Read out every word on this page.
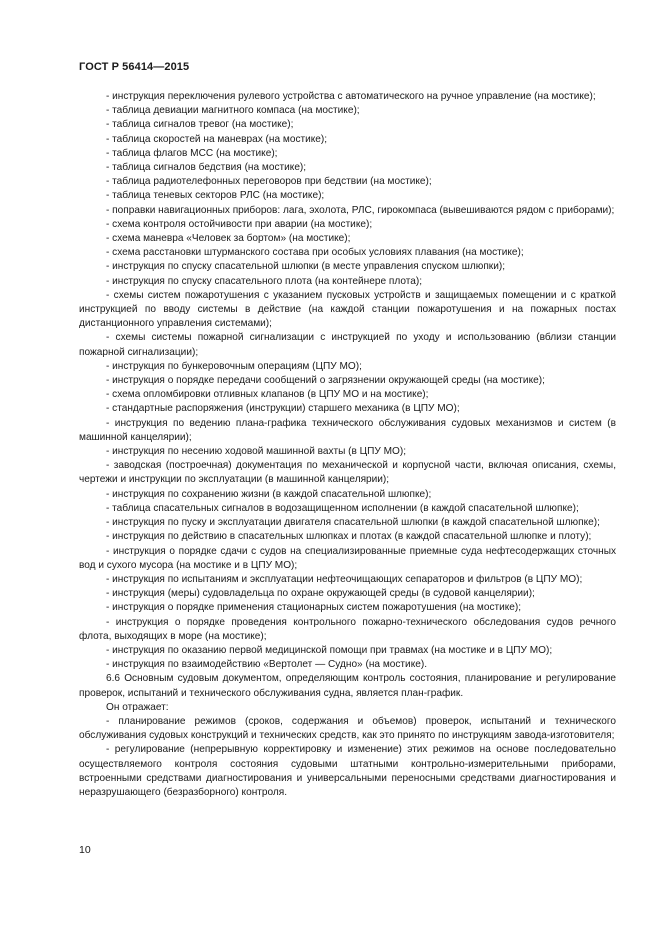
ГОСТ Р 56414—2015

- инструкция переключения рулевого устройства с автоматического на ручное управление (на мостике);

- таблица девиации магнитного компаса (на мостике);

- таблица сигналов тревог (на мостике);

- таблица скоростей на маневрах (на мостике);

- таблица флагов МСС (на мостике);

- таблица сигналов бедствия (на мостике);

- таблица радиотелефонных переговоров при бедствии (на мостике);

- таблица теневых секторов РЛС (на мостике);

- поправки навигационных приборов: лага, эхолота, РЛС, гирокомпаса (вывешиваются рядом с приборами);

- схема контроля остойчивости при аварии (на мостике);

- схема маневра «Человек за бортом» (на мостике);

- схема расстановки штурманского состава при особых условиях плавания (на мостике);

- инструкция по спуску спасательной шлюпки (в месте управления спуском шлюпки);

- инструкция по спуску спасательного плота (на контейнере плота);

- схемы систем пожаротушения с указанием пусковых устройств и защищаемых помещении и с краткой инструкцией по вводу системы в действие (на каждой станции пожаротушения и на пожарных постах дистанционного управления системами);

- схемы системы пожарной сигнализации с инструкцией по уходу и использованию (вблизи станции пожарной сигнализации);

- инструкция по бункеровочным операциям (ЦПУ МО);

- инструкция о порядке передачи сообщений о загрязнении окружающей среды (на мостике);

- схема опломбировки отливных клапанов (в ЦПУ МО и на мостике);

- стандартные распоряжения (инструкции) старшего механика (в ЦПУ МО);

- инструкция по ведению плана-графика технического обслуживания судовых механизмов и систем (в машинной канцелярии);

- инструкция по несению ходовой машинной вахты (в ЦПУ МО);

- заводская (построечная) документация по механической и корпусной части, включая описания, схемы, чертежи и инструкции по эксплуатации (в машинной канцелярии);

- инструкция по сохранению жизни (в каждой спасательной шлюпке);

- таблица спасательных сигналов в водозащищенном исполнении (в каждой спасательной шлюпке);

- инструкция по пуску и эксплуатации двигателя спасательной шлюпки (в каждой спасательной шлюпке);

- инструкция по действию в спасательных шлюпках и плотах (в каждой спасательной шлюпке и плоту);

- инструкция о порядке сдачи с судов на специализированные приемные суда нефтесодержащих сточных вод и сухого мусора (на мостике и в ЦПУ МО);

- инструкция по испытаниям и эксплуатации нефтеочищающих сепараторов и фильтров (в ЦПУ МО);

- инструкция (меры) судовладельца по охране окружающей среды (в судовой канцелярии);

- инструкция о порядке применения стационарных систем пожаротушения (на мостике);

- инструкция о порядке проведения контрольного пожарно-технического обследования судов речного флота, выходящих в море (на мостике);

- инструкция по оказанию первой медицинской помощи при травмах (на мостике и в ЦПУ МО);

- инструкция по взаимодействию «Вертолет — Судно» (на мостике).

6.6 Основным судовым документом, определяющим контроль состояния, планирование и регулирование проверок, испытаний и технического обслуживания судна, является план-график.

Он отражает:

- планирование режимов (сроков, содержания и объемов) проверок, испытаний и технического обслуживания судовых конструкций и технических средств, как это принято по инструкциям завода-изготовителя;

- регулирование (непрерывную корректировку и изменение) этих режимов на основе последовательно осуществляемого контроля состояния судовыми штатными контрольно-измерительными приборами, встроенными средствами диагностирования и универсальными переносными средствами диагностирования и неразрушающего (безразборного) контроля.

10
